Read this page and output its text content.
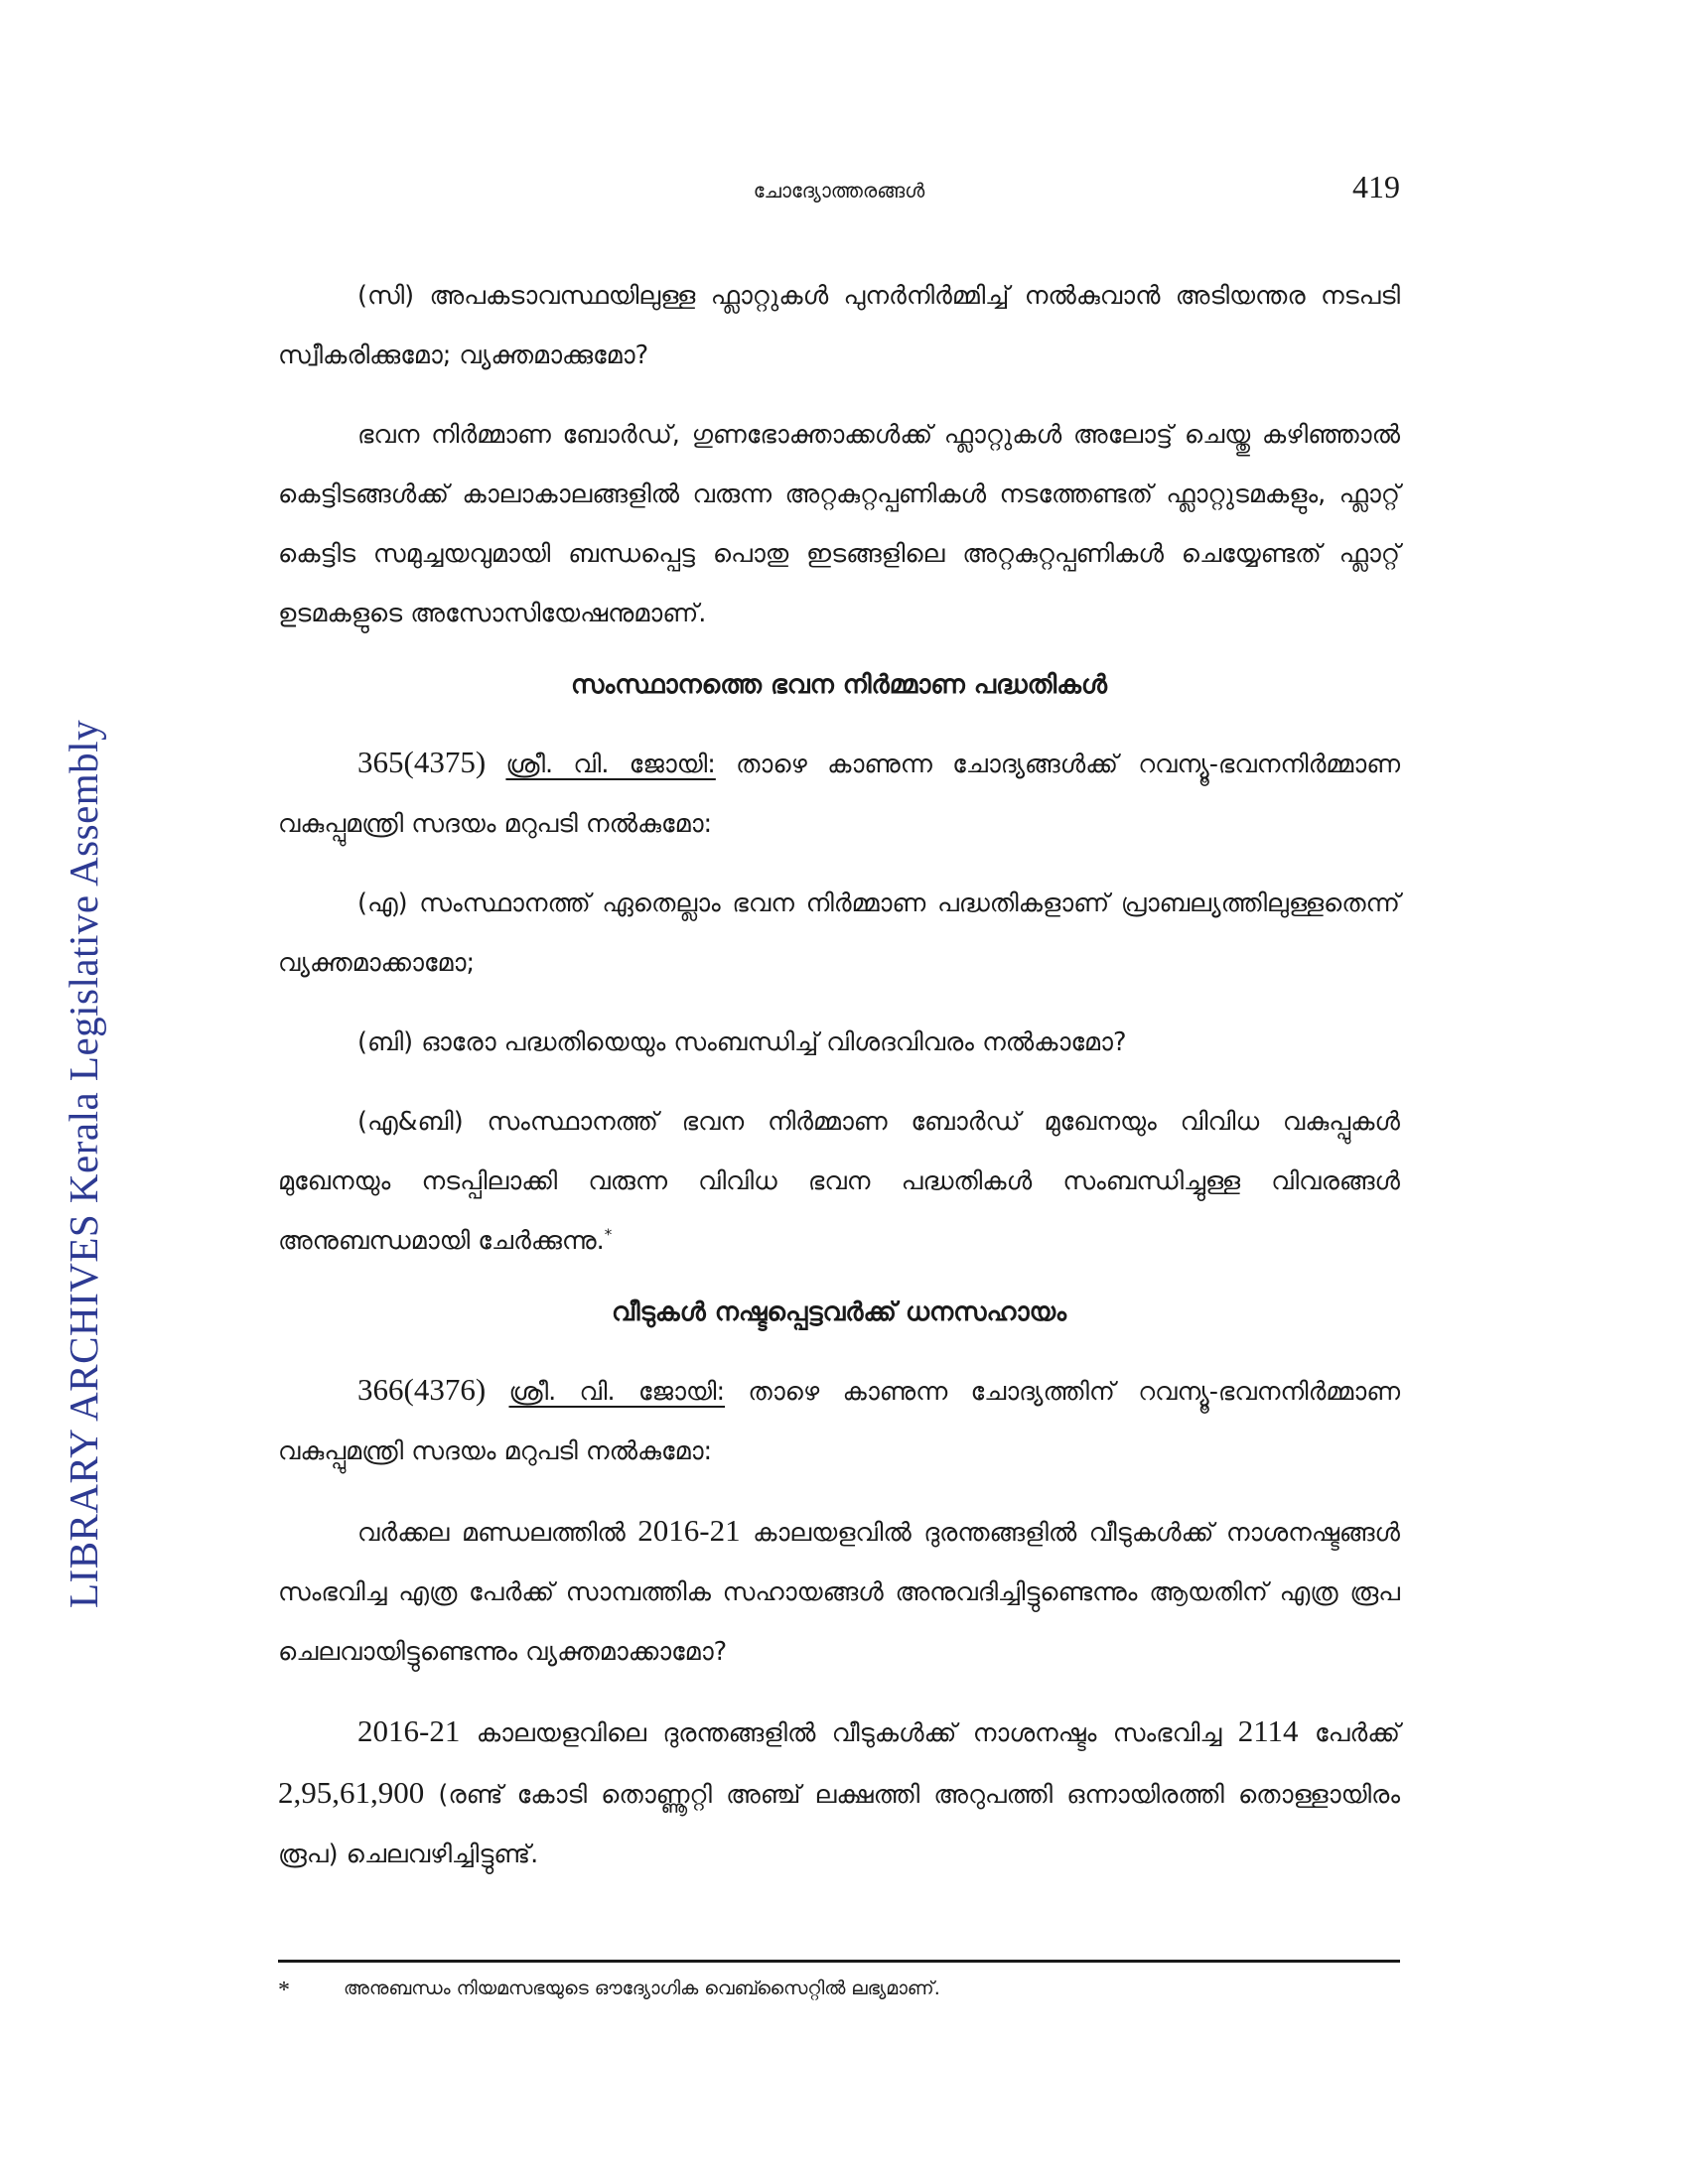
LIBRARY ARCHIVES Kerala Legislative Assembly
ചോദ്യോത്തരങ്ങൾ	419

(സി) അപകടാവസ്ഥയിലുള്ള ഫ്ലാറ്റുകൾ പുനർനിർമ്മിച്ച് നൽകുവാൻ അടിയന്തര നടപടി സ്വീകരിക്കുമോ; വ്യക്തമാക്കുമോ?

ഭവന നിർമ്മാണ ബോർഡ്, ഗുണഭോക്താക്കൾക്ക് ഫ്ലാറ്റുകൾ അലോട്ട് ചെയ്തു കഴിഞ്ഞാൽ കെട്ടിടങ്ങൾക്ക് കാലാകാലങ്ങളിൽ വരുന്ന അറ്റകുറ്റപ്പണികൾ നടത്തേണ്ടത് ഫ്ലാറ്റുടമകളും, ഫ്ലാറ്റ് കെട്ടിട സമുച്ചയവുമായി ബന്ധപ്പെട്ട പൊതു ഇടങ്ങളിലെ അറ്റകുറ്റപ്പണികൾ ചെയ്യേണ്ടത് ഫ്ലാറ്റ് ഉടമകളുടെ അസോസിയേഷനുമാണ്.

സംസ്ഥാനത്തെ ഭവന നിർമ്മാണ പദ്ധതികൾ

365(4375) ശ്രീ. വി. ജോയി: താഴെ കാണുന്ന ചോദ്യങ്ങൾക്ക് റവന്യൂ-ഭവനനിർമ്മാണ വകുപ്പുമന്ത്രി സദയം മറുപടി നൽകുമോ:

(എ) സംസ്ഥാനത്ത് ഏതെല്ലാം ഭവന നിർമ്മാണ പദ്ധതികളാണ് പ്രാബല്യത്തിലുള്ളതെന്ന് വ്യക്തമാക്കാമോ;

(ബി) ഓരോ പദ്ധതിയെയും സംബന്ധിച്ച് വിശദവിവരം നൽകാമോ?

(എ&ബി) സംസ്ഥാനത്ത് ഭവന നിർമ്മാണ ബോർഡ് മുഖേനയും വിവിധ വകുപ്പുകൾ മുഖേനയും നടപ്പിലാക്കി വരുന്ന വിവിധ ഭവന പദ്ധതികൾ സംബന്ധിച്ചുള്ള വിവരങ്ങൾ അനുബന്ധമായി ചേർക്കുന്നു.*

വീടുകൾ നഷ്ടപ്പെട്ടവർക്ക് ധനസഹായം

366(4376) ശ്രീ. വി. ജോയി: താഴെ കാണുന്ന ചോദ്യത്തിന് റവന്യൂ-ഭവനനിർമ്മാണ വകുപ്പുമന്ത്രി സദയം മറുപടി നൽകുമോ:

വർക്കല മണ്ഡലത്തിൽ 2016-21 കാലയളവിൽ ദുരന്തങ്ങളിൽ വീടുകൾക്ക് നാശനഷ്ടങ്ങൾ സംഭവിച്ച എത്ര പേർക്ക് സാമ്പത്തിക സഹായങ്ങൾ അനുവദിച്ചിട്ടുണ്ടെന്നും ആയതിന് എത്ര രൂപ ചെലവായിട്ടുണ്ടെന്നും വ്യക്തമാക്കാമോ?

2016-21 കാലയളവിലെ ദുരന്തങ്ങളിൽ വീടുകൾക്ക് നാശനഷ്ടം സംഭവിച്ച 2114 പേർക്ക് 2,95,61,900 (രണ്ട് കോടി തൊണ്ണൂറ്റി അഞ്ച് ലക്ഷത്തി അറുപത്തി ഒന്നായിരത്തി തൊള്ളായിരം രൂപ) ചെലവഴിച്ചിട്ടുണ്ട്.

*	അനുബന്ധം നിയമസഭയുടെ ഔദ്യോഗിക വെബ്സൈറ്റിൽ ലഭ്യമാണ്.
